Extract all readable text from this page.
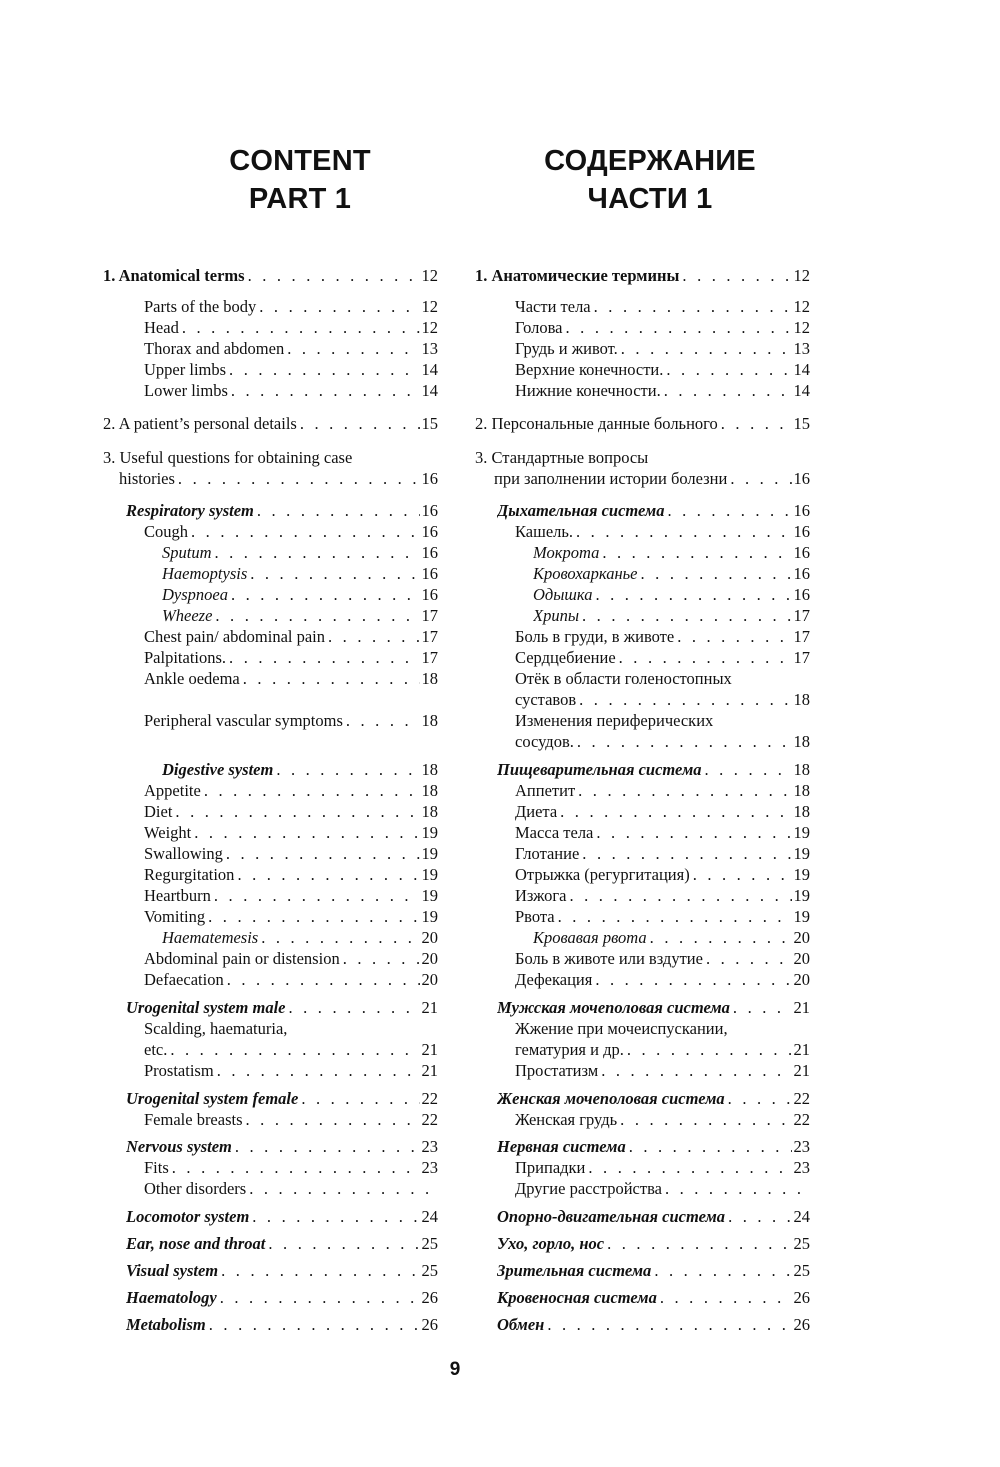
CONTENT
PART 1
СОДЕРЖАНИЕ
ЧАСТИ 1
1. Anatomical terms . . .	12
Parts of the body . . .	12
Head . . .	12
Thorax and abdomen . . .	13
Upper limbs . . .	14
Lower limbs . . .	14
2. A patient’s personal details . . .	15
3. Useful questions for obtaining case
histories . . .	16
Respiratory system . . .	16
Cough . . .	16
Sputum . . .	16
Haemoptysis . . .	16
Dyspnoea . . .	16
Wheeze . . .	17
Chest pain/ abdominal pain . . .	17
Palpitations. . . .	17
Ankle oedema . . .	18
Peripheral vascular symptoms . . .	18
Digestive system . . .	18
Appetite . . .	18
Diet . . .	18
Weight . . .	19
Swallowing . . .	19
Regurgitation . . .	19
Heartburn . . .	19
Vomiting . . .	19
Haematemesis . . .	20
Abdominal pain or distension . . .	20
Defaecation . . .	20
Urogenital system male . . .	21
Scalding, haematuria,
etc. . . .	21
Prostatism . . .	21
Urogenital system female . . .	22
Female breasts . . .	22
Nervous system . . .	23
Fits . . .	23
Other disorders
. . .
Locomotor system . . .	24
Ear, nose and throat . . .	25
Visual system . . .	25
Haematology . . .	26
Metabolism . . .	26
1. Анатомические термины . . .	12
Части тела . . .	12
Голова . . .	12
Грудь и живот. . . .	13
Верхние конечности. . . .	14
Нижние конечности. . . .	14
2. Персональные данные больного . . .	15
3. Стандартные вопросы
при заполнении истории болезни . . .	16
Дыхательная система . . .	16
Кашель. . . .	16
Мокрота . . .	16
Кровохарканье . . .	16
Одышка . . .	16
Хрипы . . .	17
Боль в груди, в животе . . .	17
Сердцебиение . . .	17
Отёк в области голеностопных
суставов . . .	18
Изменения периферических
сосудов. . . .	18
Пищеварительная система . . .	18
Аппетит . . .	18
Диета . . .	18
Масса тела . . .	19
Глотание . . .	19
Отрыжка (регургитация) . . .	19
Изжога . . .	19
Рвота . . .	19
Кровавая рвота . . .	20
Боль в животе или вздутие . . .	20
Дефекация . . .	20
Мужская мочеполовая система . . .	21
Жжение при мочеиспускании,
гематурия и др. . . .	21
Простатизм . . .	21
Женская мочеполовая система . . .	22
Женская грудь . . .	22
Нервная система . . .	23
Припадки . . .	23
Другие расстройства
. . .
Опорно-двигательная система . . .	24
Ухо, горло, нос . . .	25
Зрительная система . . .	25
Кровеносная система . . .	26
Обмен . . .	26
9
